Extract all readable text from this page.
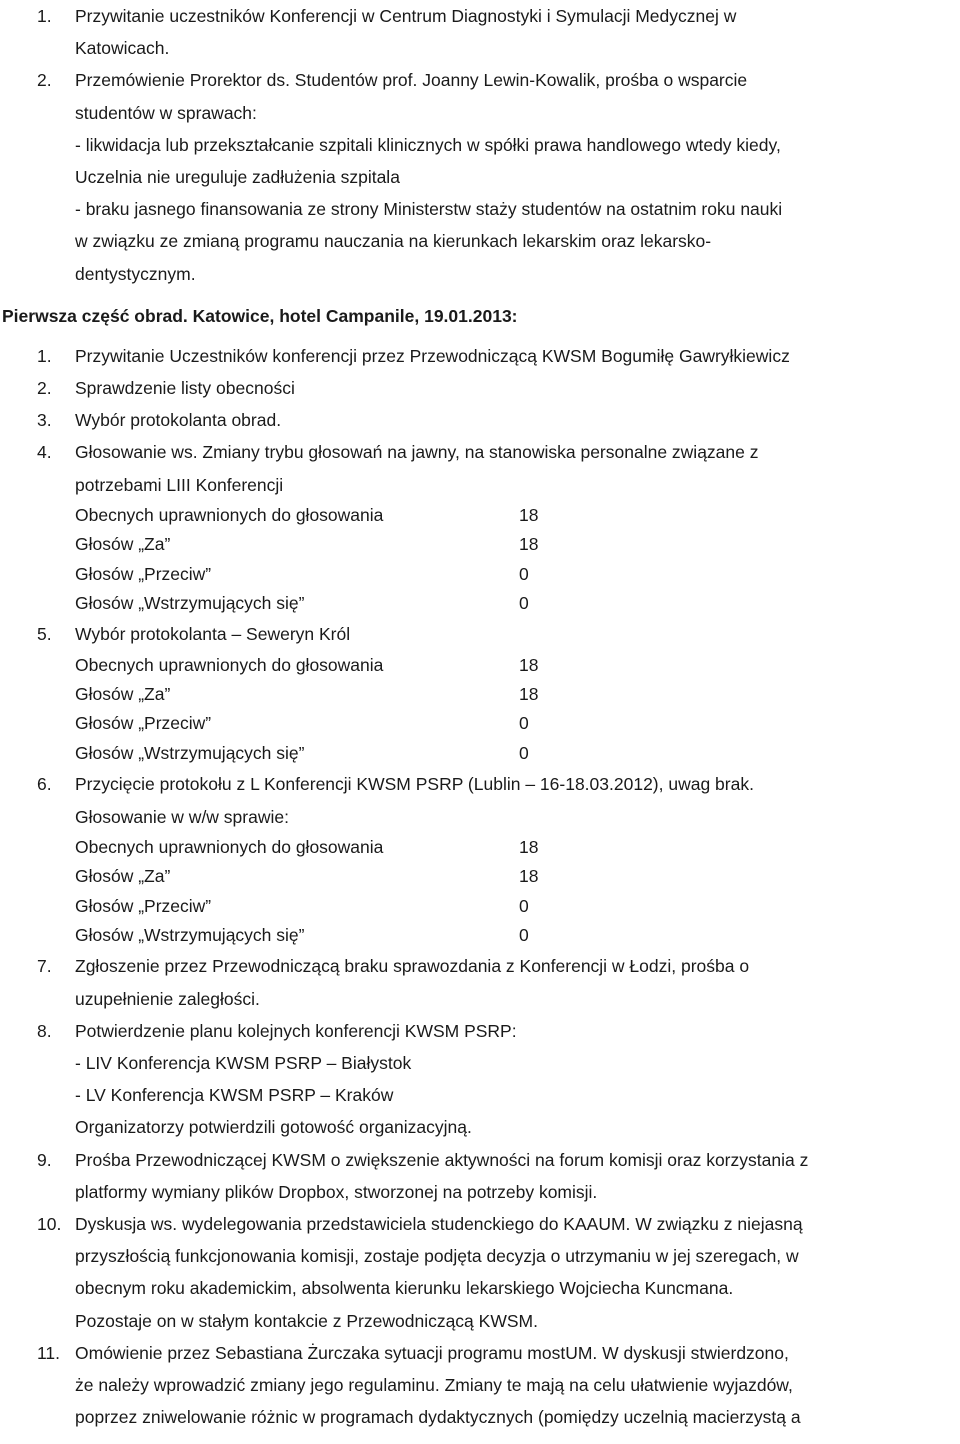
1. Przywitanie uczestników Konferencji w Centrum Diagnostyki i Symulacji Medycznej w
Katowicach.
2. Przemówienie Prorektor ds. Studentów prof. Joanny Lewin-Kowalik, prośba o wsparcie
studentów w sprawach:
- likwidacja lub przekształcanie szpitali klinicznych w spółki prawa handlowego wtedy kiedy,
Uczelnia nie ureguluje zadłużenia szpitala
- braku jasnego finansowania ze strony Ministerstw staży studentów na ostatnim roku nauki
w związku ze zmianą programu nauczania na kierunkach lekarskim oraz lekarsko-
dentystycznym.
Pierwsza część obrad. Katowice, hotel Campanile, 19.01.2013:
1. Przywitanie Uczestników konferencji przez Przewodniczącą KWSM Bogumiłę Gawryłkiewicz
2. Sprawdzenie listy obecności
3. Wybór protokolanta obrad.
4. Głosowanie ws. Zmiany trybu głosowań na jawny, na stanowiska personalne związane z
potrzebami LIII Konferencji
Obecnych uprawnionych do głosowania	18
Głosów „Za”	18
Głosów „Przeciw”	0
Głosów „Wstrzymujących się”	0
5. Wybór protokolanta – Seweryn Król
Obecnych uprawnionych do głosowania	18
Głosów „Za”	18
Głosów „Przeciw”	0
Głosów „Wstrzymujących się”	0
6. Przycięcie protokołu z L Konferencji KWSM PSRP (Lublin – 16-18.03.2012), uwag brak.
Głosowanie w w/w sprawie:
Obecnych uprawnionych do głosowania	18
Głosów „Za”	18
Głosów „Przeciw”	0
Głosów „Wstrzymujących się”	0
7. Zgłoszenie przez Przewodniczącą braku sprawozdania z Konferencji w Łodzi, prośba o
uzupełnienie zaległości.
8. Potwierdzenie planu kolejnych konferencji KWSM PSRP:
- LIV Konferencja KWSM PSRP – Białystok
- LV Konferencja KWSM PSRP – Kraków
Organizatorzy potwierdzili gotowość organizacyjną.
9. Prośba Przewodniczącej KWSM o zwiększenie aktywności na forum komisji oraz korzystania z
platformy wymiany plików Dropbox, stworzonej na potrzeby komisji.
10. Dyskusja ws. wydelegowania przedstawiciela studenckiego do KAAUM. W związku z niejasną
przyszłością funkcjonowania komisji, zostaje podjęta decyzja o utrzymaniu w jej szeregach, w
obecnym roku akademickim, absolwenta kierunku lekarskiego Wojciecha Kuncmana.
Pozostaje on w stałym kontakcie z Przewodniczącą KWSM.
11. Omówienie przez Sebastiana Żurczaka sytuacji programu mostUM. W dyskusji stwierdzono,
że należy wprowadzić zmiany jego regulaminu. Zmiany te mają na celu ułatwienie wyjazdów,
poprzez zniwelowanie różnic w programach dydaktycznych (pomiędzy uczelnią macierzystą a
